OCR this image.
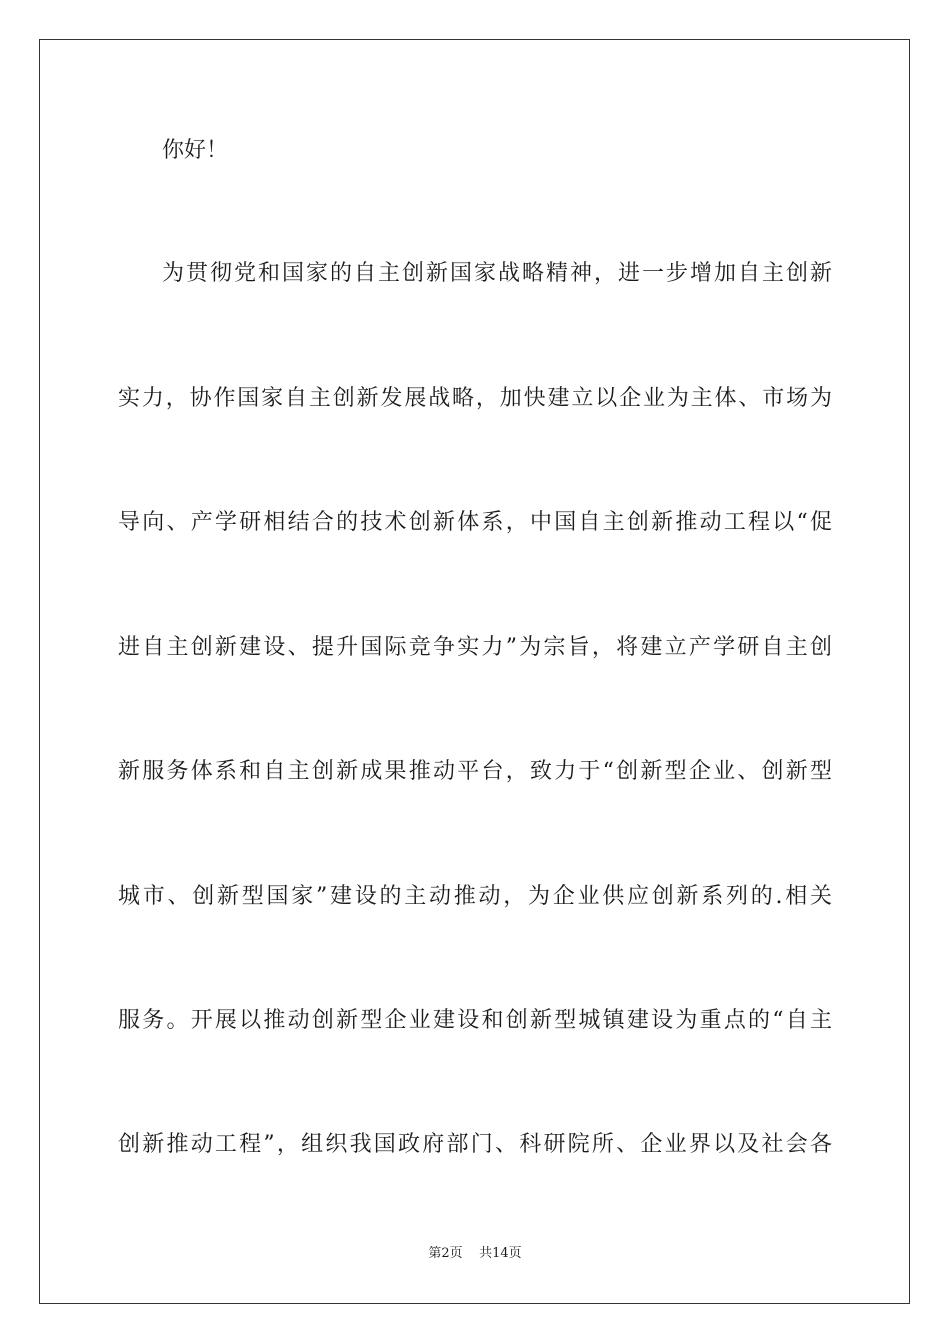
你好！
为贯彻党和国家的自主创新国家战略精神，进一步增加自主创新
实力，协作国家自主创新发展战略，加快建立以企业为主体、市场为
导向、产学研相结合的技术创新体系，中国自主创新推动工程以“促
进自主创新建设、提升国际竞争实力”为宗旨，将建立产学研自主创
新服务体系和自主创新成果推动平台，致力于“创新型企业、创新型
城市、创新型国家”建设的主动推动，为企业供应创新系列的.相关
服务。开展以推动创新型企业建设和创新型城镇建设为重点的“自主
创新推动工程”，组织我国政府部门、科研院所、企业界以及社会各
第2页 共14页
